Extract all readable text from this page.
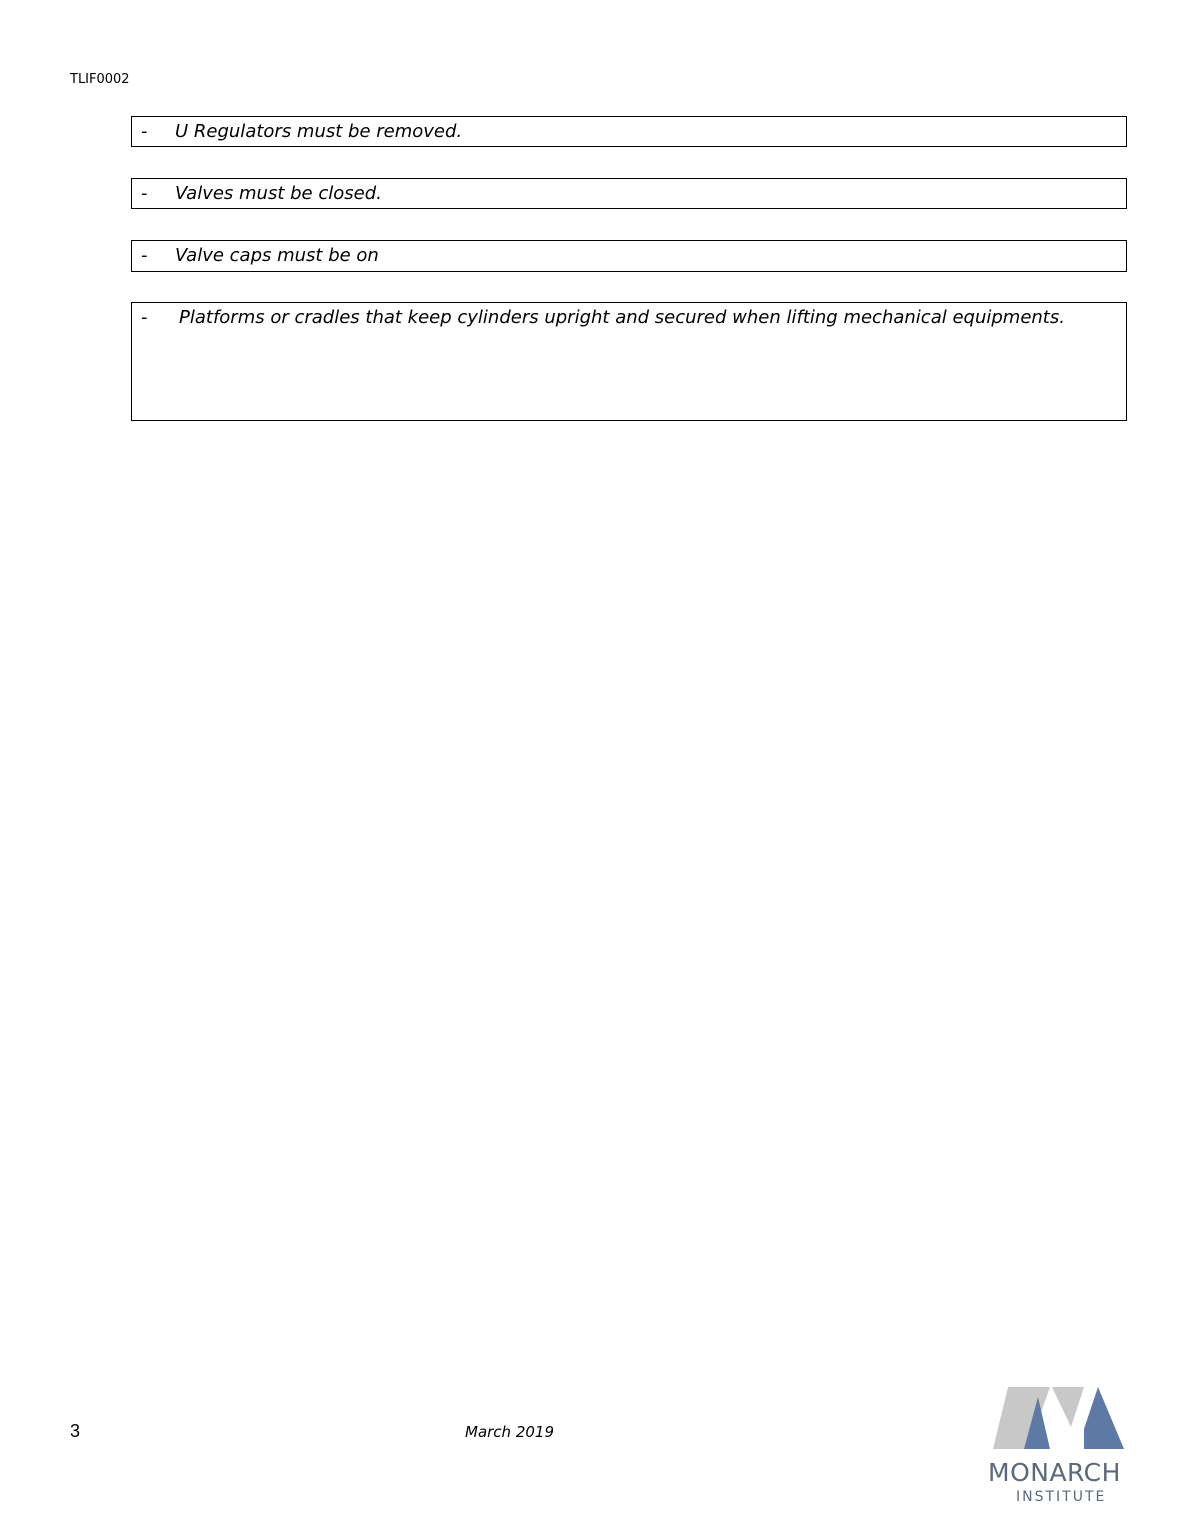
TLIF0002
- U Regulators must be removed.
- Valves must be closed.
- Valve caps must be on
- Platforms or cradles that keep cylinders upright and secured when lifting mechanical equipments.
3	March 2019
MONARCH
INSTITUTE
